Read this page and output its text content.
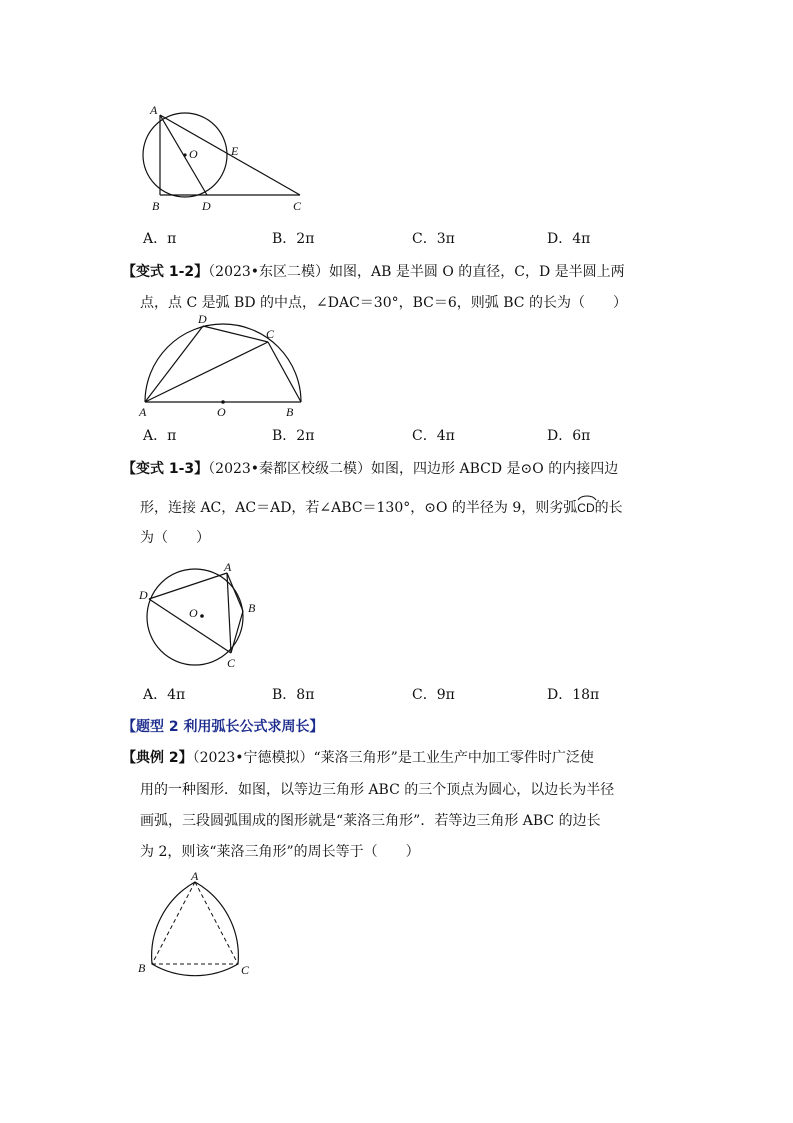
A
O	E
B	D	C
A．π	B．2π	C．3π	D．4π
【变式 1-2】（2023•东区二模）如图，AB 是半圆 O 的直径，C，D 是半圆上两
点，点 C 是弧 BD 的中点，∠DAC＝30°，BC＝6，则弧 BC 的长为（　　）
D
C
A	O	B
A．π	B．2π	C．4π	D．6π
【变式 1-3】（2023•秦都区校级二模）如图，四边形 ABCD 是⊙O 的内接四边
形，连接 AC，AC＝AD，若∠ABC＝130°，⊙O 的半径为 9，则劣弧
CD的长
为（　　）
A
D
O	B
C
A．4π	B．8π	C．9π	D．18π
【题型 2 利用弧长公式求周长】
【典例 2】（2023•宁德模拟）“莱洛三角形”是工业生产中加工零件时广泛使
用的一种图形．如图，以等边三角形 ABC 的三个顶点为圆心，以边长为半径
画弧，三段圆弧围成的图形就是“莱洛三角形”．若等边三角形 ABC 的边长
为 2，则该“莱洛三角形”的周长等于（　　）
A
B	C
